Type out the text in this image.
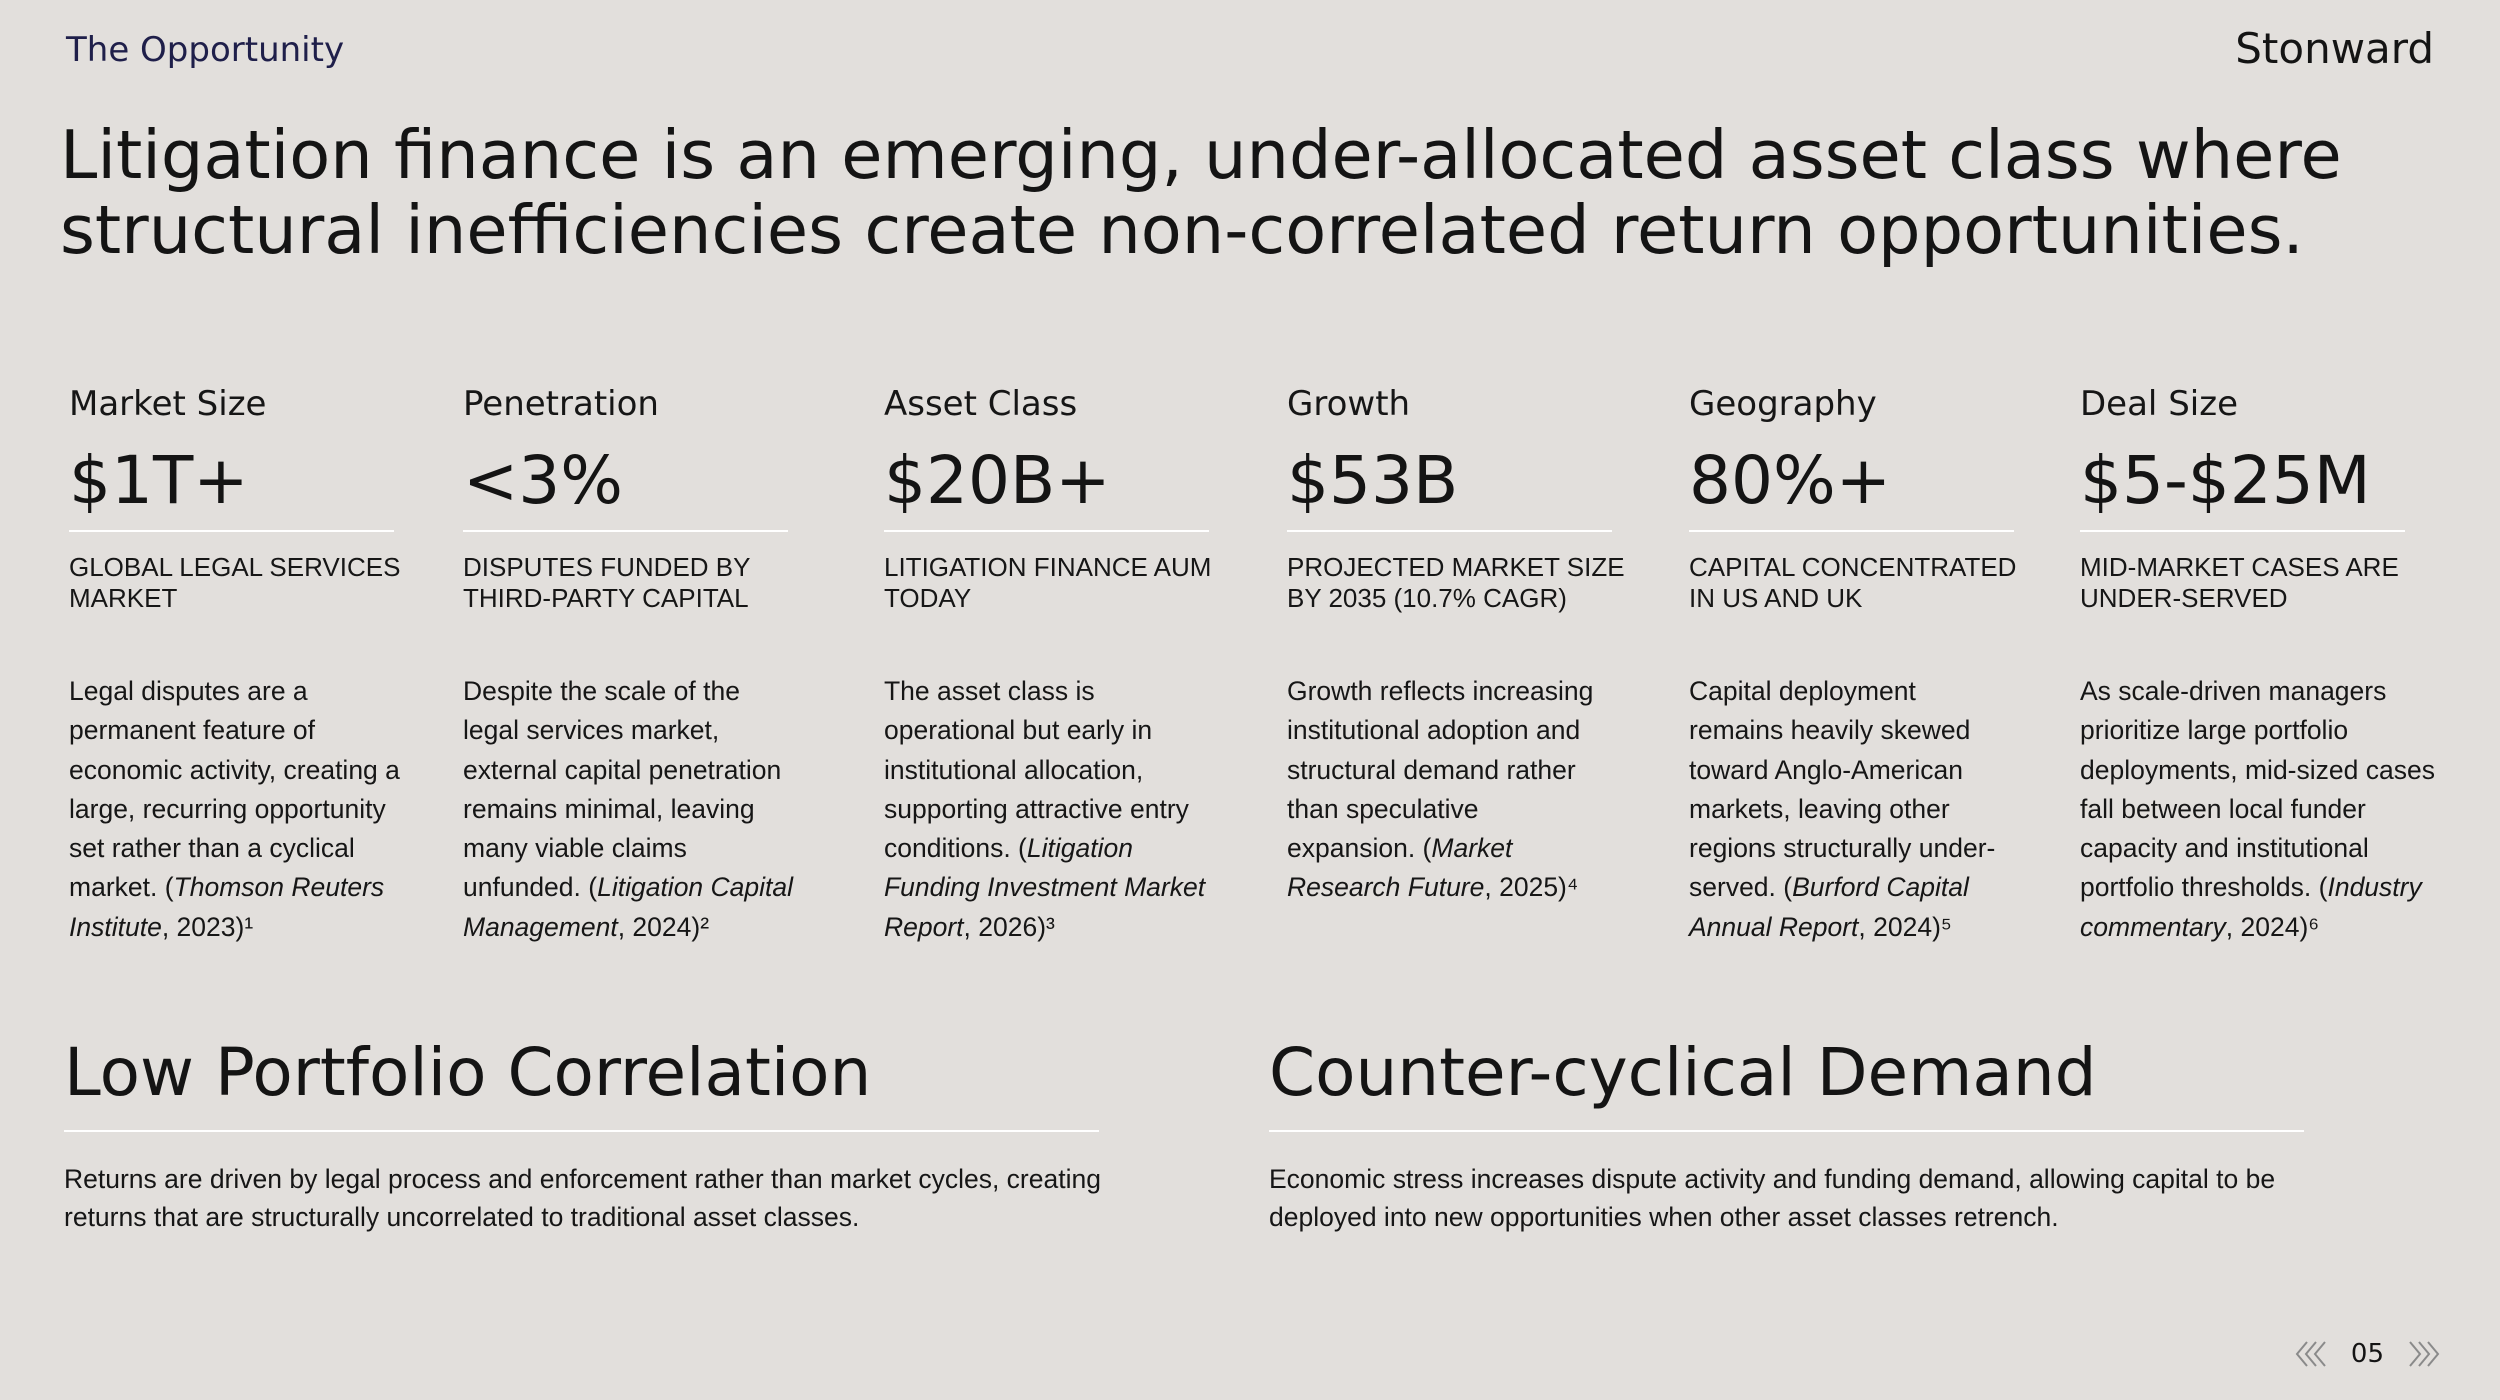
The Opportunity	Stonward
Litigation finance is an emerging, under-allocated asset class where structural inefficiencies create non-correlated return opportunities.
Market Size
$1T+
GLOBAL LEGAL SERVICES MARKET
Legal disputes are a
permanent feature of
economic activity, creating a
large, recurring opportunity
set rather than a cyclical
market. (Thomson Reuters
Institute, 2023)¹
Penetration
<3%
DISPUTES FUNDED BY THIRD-PARTY CAPITAL
Despite the scale of the
legal services market,
external capital penetration
remains minimal, leaving
many viable claims
unfunded. (Litigation Capital
Management, 2024)²
Asset Class
$20B+
LITIGATION FINANCE AUM TODAY
The asset class is
operational but early in
institutional allocation,
supporting attractive entry
conditions. (Litigation
Funding Investment Market
Report, 2026)³
Growth
$53B
PROJECTED MARKET SIZE BY 2035 (10.7% CAGR)
Growth reflects increasing
institutional adoption and
structural demand rather
than speculative
expansion. (Market
Research Future, 2025)⁴
Geography
80%+
CAPITAL CONCENTRATED IN US AND UK
Capital deployment
remains heavily skewed
toward Anglo-American
markets, leaving other
regions structurally under-
served. (Burford Capital
Annual Report, 2024)⁵
Deal Size
$5-$25M
MID-MARKET CASES ARE UNDER-SERVED
As scale-driven managers
prioritize large portfolio
deployments, mid-sized cases
fall between local funder
capacity and institutional
portfolio thresholds. (Industry
commentary, 2024)⁶
Low Portfolio Correlation
Returns are driven by legal process and enforcement rather than market cycles, creating returns that are structurally uncorrelated to traditional asset classes.
Counter-cyclical Demand
Economic stress increases dispute activity and funding demand, allowing capital to be deployed into new opportunities when other asset classes retrench.
05
